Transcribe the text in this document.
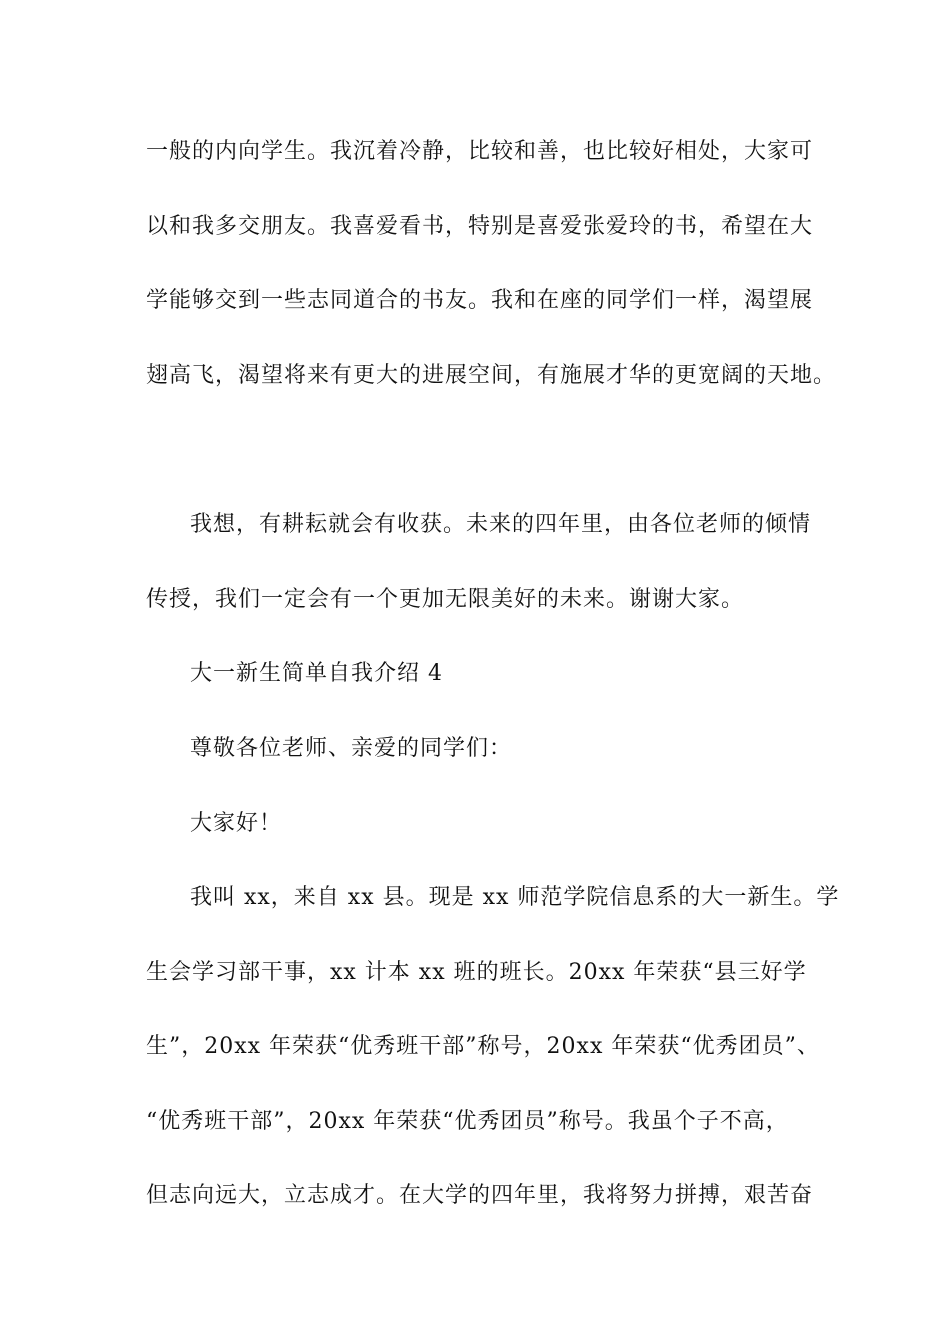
一般的内向学生。我沉着冷静，比较和善，也比较好相处，大家可
以和我多交朋友。我喜爱看书，特别是喜爱张爱玲的书，希望在大
学能够交到一些志同道合的书友。我和在座的同学们一样，渴望展
翅高飞，渴望将来有更大的进展空间，有施展才华的更宽阔的天地。
我想，有耕耘就会有收获。未来的四年里，由各位老师的倾情
传授，我们一定会有一个更加无限美好的未来。谢谢大家。
大一新生简单自我介绍 4
尊敬各位老师、亲爱的同学们：
大家好！
我叫 xx，来自 xx 县。现是 xx 师范学院信息系的大一新生。学
生会学习部干事，xx 计本 xx 班的班长。20xx 年荣获“县三好学
生”，20xx 年荣获“优秀班干部”称号，20xx 年荣获“优秀团员”、
“优秀班干部”，20xx 年荣获“优秀团员”称号。我虽个子不高，
但志向远大，立志成才。在大学的四年里，我将努力拼搏，艰苦奋
